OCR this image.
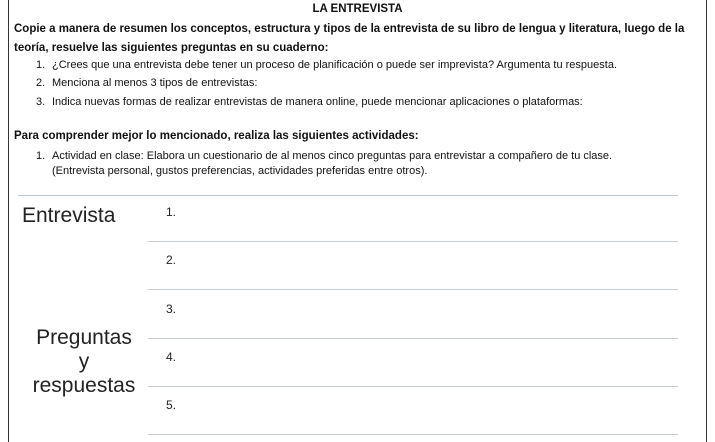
LA ENTREVISTA
Copie a manera de resumen los conceptos, estructura y tipos de la entrevista de su libro de lengua y literatura, luego de la teoría, resuelve las siguientes preguntas en su cuaderno:
1. ¿Crees que una entrevista debe tener un proceso de planificación o puede ser imprevista? Argumenta tu respuesta.
2. Menciona al menos 3 tipos de entrevistas:
3. Indica nuevas formas de realizar entrevistas de manera online, puede mencionar aplicaciones o plataformas:
Para comprender mejor lo mencionado, realiza las siguientes actividades:
1. Actividad en clase: Elabora un cuestionario de al menos cinco preguntas para entrevistar a compañero de tu clase.
(Entrevista personal, gustos preferencias, actividades preferidas entre otros).
Entrevista
Preguntas
y
respuestas
1.
2.
3.
4.
5.
